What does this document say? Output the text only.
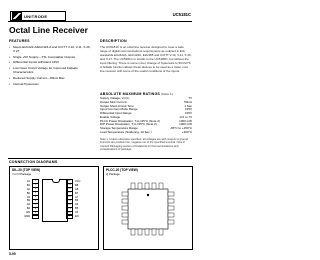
UNITRODE	UC5181C
Octal Line Receiver
FEATURES
• Meets EIA/422-A/EIA/423-A and CCITT V.10, V.11, X.26, X.27
• Single +5V Supply—TTL Compatible Outputs
• Differential Inputs withstand ±25V
• Low Open Circuit Voltage for Improved Failsafe Characteristics
• Reduced Supply Current—80mA Max
• Internal Hysteresis
DESCRIPTION
The UC5181C is an octal line receiver designed to meet a wide range of digital communications requirements as outlined in EIA standards EIA/422A, EIA/423A, EIA/485 and CCITT V.10, V.11, X.26, and X.27. The UC5181C is similar to the UC5180C, but without the input filtering. There is some minor change of hysteresis to 50mV/70 A failsafe function allows these devices to be used as a lower-cost line receiver with some of the useful conditions of the inputs.
ABSOLUTE MAXIMUM RATINGS (Note 1)
Supply Voltage, V₍CC₎	7V
Output Sink Current	50mA
Output Short-Circuit Time	1 Sec
Input Common Mode Range	±25V
Differential Input Range	±25V
Enable Voltage	-0.5 to 7V
PLCC Power Dissipation, T₍A₎=25°C (Note 2)	1000 mW
DIP Power Dissipation, T₍A₎=25°C (Note 2)	1000 mW
Storage Temperature Range	-65°C to +150°C
Lead Temperature (Soldering, 10 Sec.)	+300°C
Note 1: Unless otherwise specified, all voltages are with respect to ground. Currents are positive into, negative out of the specified terminal. Note 2: Consult Packaging section of Databook for thermal limitations and considerations of package.
CONNECTION DIAGRAMS
DIL-20 (TOP VIEW)
J or N Package
A1	1
B1	2
A2	3
B2	4
A3	5
B3	6
A4	7
B4	8
EN	9
GND	10
20	VCC
19	B8
18	A8
17	B7
16	A7
15	B6
14	A6
13	B5
12	A5
11	EN
PLCC-20 (TOP VIEW)
Q Package
5-90
